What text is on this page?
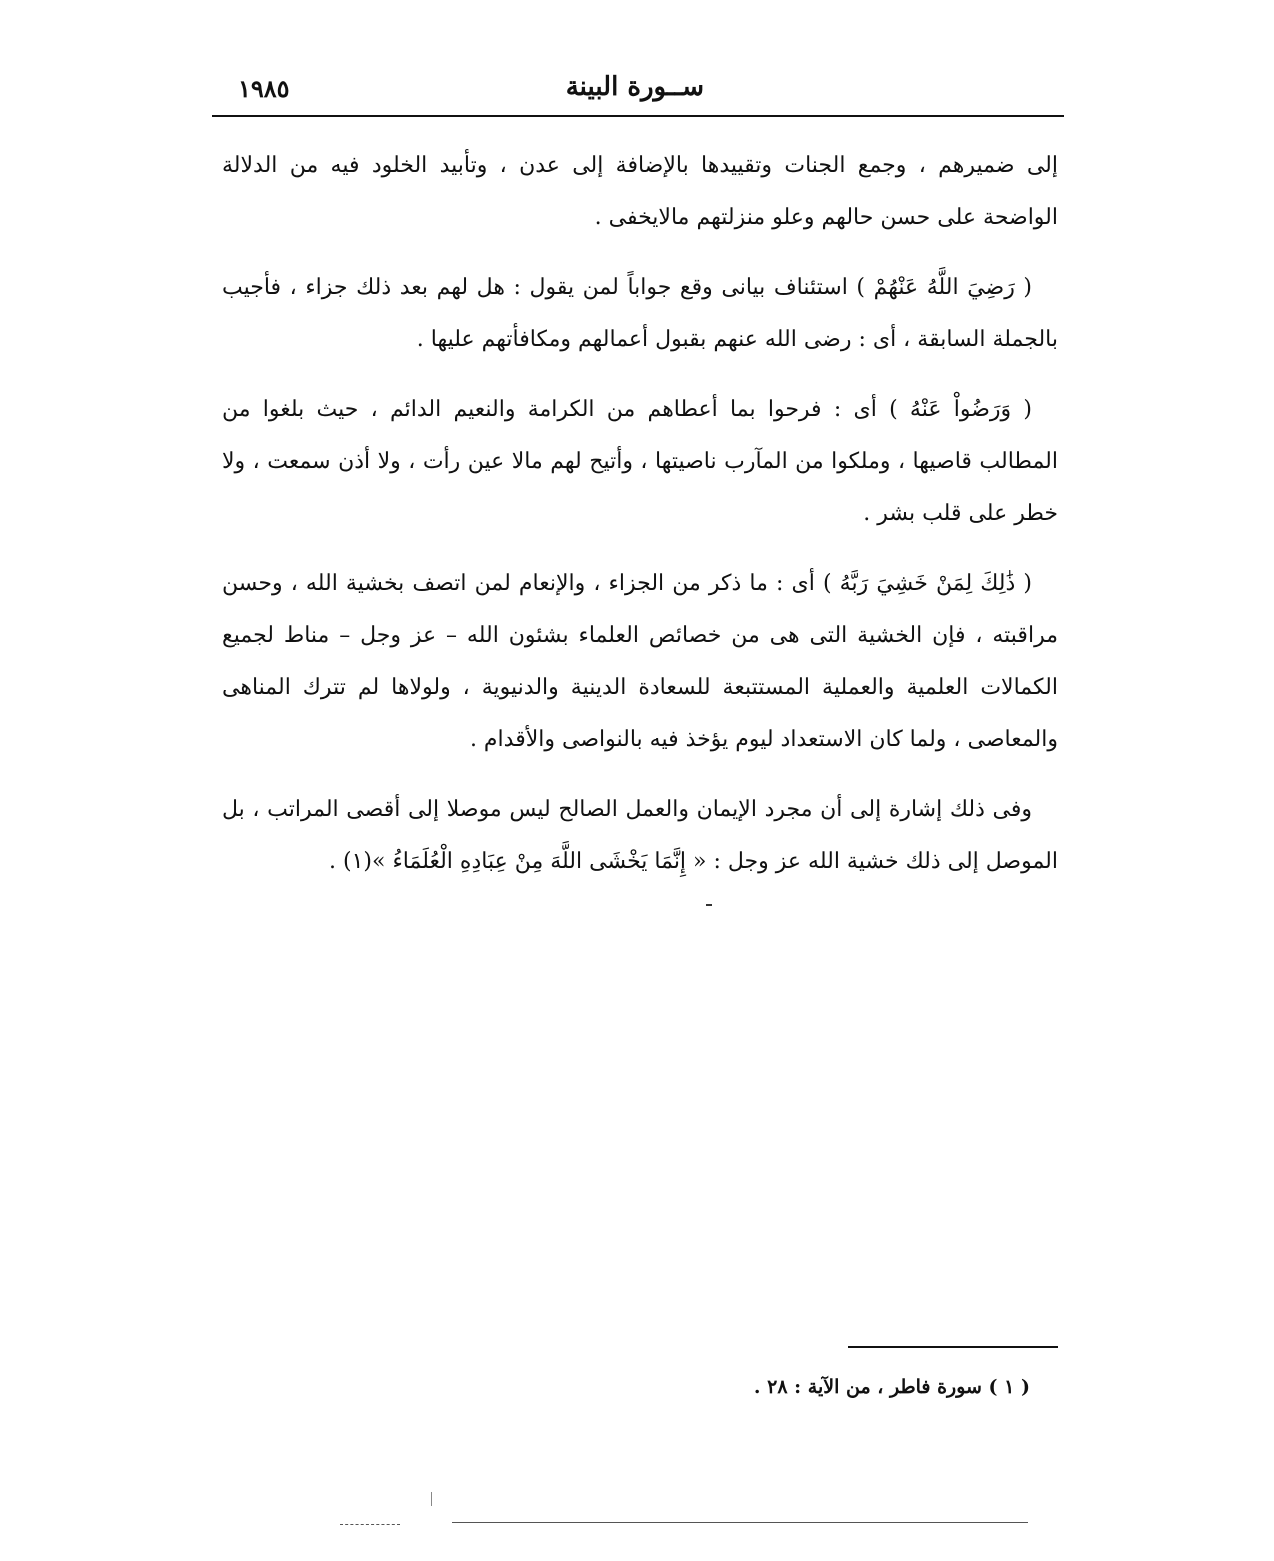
ســورة البينة
١٩٨٥

إلى ضميرهم ، وجمع الجنات وتقييدها بالإضافة إلى عدن ، وتأبيد الخلود فيه من الدلالة الواضحة على حسن حالهم وعلو منزلتهم مالايخفى .

( رَضِيَ اللَّهُ عَنْهُمْ ) استئناف بيانى وقع جواباً لمن يقول : هل لهم بعد ذلك جزاء ، فأجيب بالجملة السابقة ، أى : رضى الله عنهم بقبول أعمالهم ومكافأتهم عليها .

( وَرَضُواْ عَنْهُ ) أى : فرحوا بما أعطاهم من الكرامة والنعيم الدائم ، حيث بلغوا من المطالب قاصيها ، وملكوا من المآرب ناصيتها ، وأتيح لهم مالا عين رأت ، ولا أذن سمعت ، ولا خطر على قلب بشر .

( ذَٰلِكَ لِمَنْ خَشِيَ رَبَّهُ ) أى : ما ذكر من الجزاء ، والإنعام لمن اتصف بخشية الله ، وحسن مراقبته ، فإن الخشية التى هى من خصائص العلماء بشئون الله – عز وجل – مناط لجميع الكمالات العلمية والعملية المستتبعة للسعادة الدينية والدنيوية ، ولولاها لم تترك المناهى والمعاصى ، ولما كان الاستعداد ليوم يؤخذ فيه بالنواصى والأقدام .

وفى ذلك إشارة إلى أن مجرد الإيمان والعمل الصالح ليس موصلا إلى أقصى المراتب ، بل الموصل إلى ذلك خشية الله عز وجل : « إِنَّمَا يَخْشَى اللَّهَ مِنْ عِبَادِهِ الْعُلَمَاءُ »(١) .

( ١ ) سورة فاطر ، من الآية : ٢٨ .
